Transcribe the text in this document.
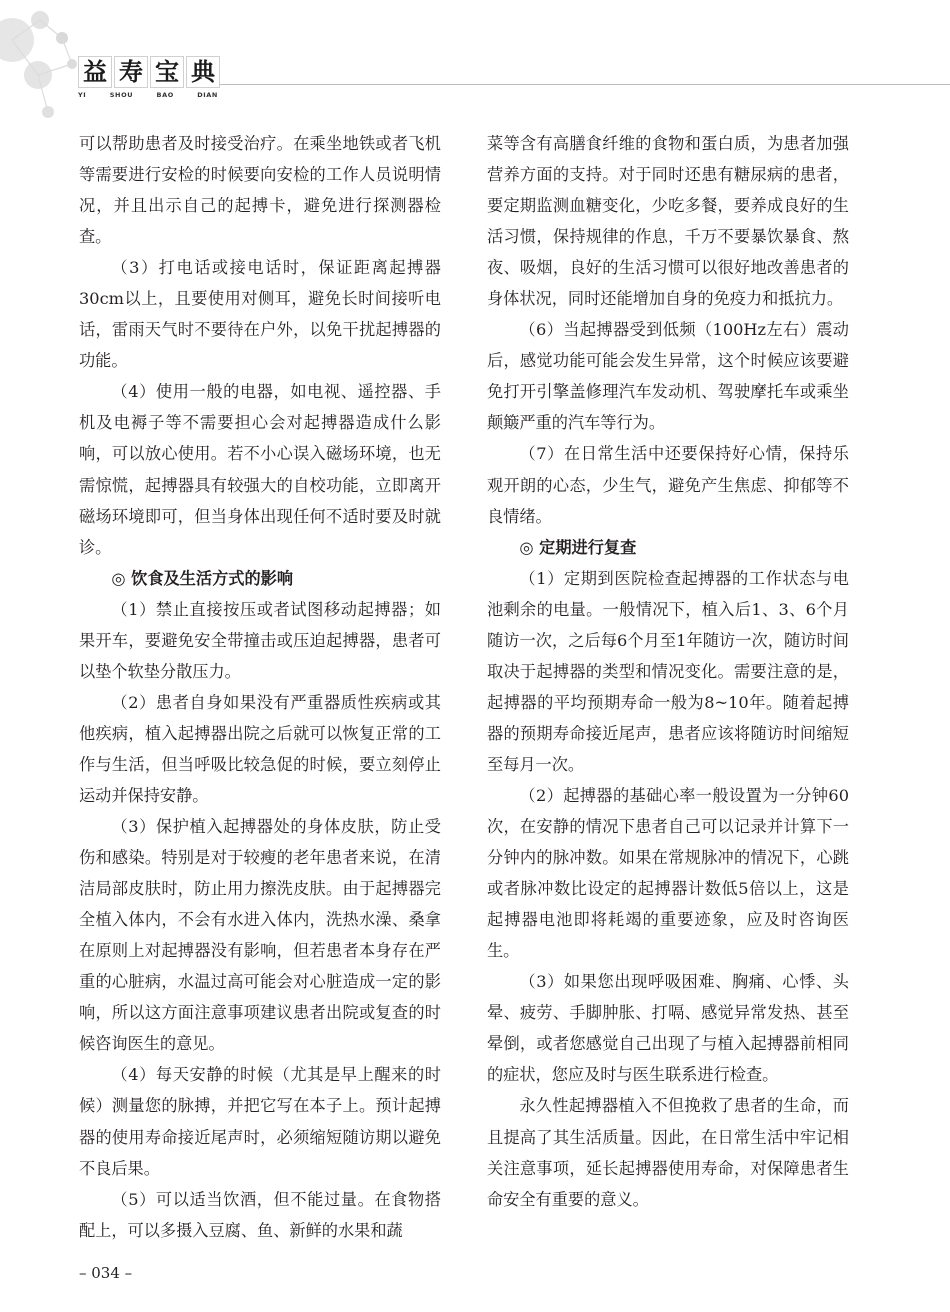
益 寿 宝 典
YI	SHOU	BAO	DIAN

可以帮助患者及时接受治疗。在乘坐地铁或者飞机等需要进行安检的时候要向安检的工作人员说明情况，并且出示自己的起搏卡，避免进行探测器检查。

（3）打电话或接电话时，保证距离起搏器30cm以上，且要使用对侧耳，避免长时间接听电话，雷雨天气时不要待在户外，以免干扰起搏器的功能。

（4）使用一般的电器，如电视、遥控器、手机及电褥子等不需要担心会对起搏器造成什么影响，可以放心使用。若不小心误入磁场环境，也无需惊慌，起搏器具有较强大的自校功能，立即离开磁场环境即可，但当身体出现任何不适时要及时就诊。

◎ 饮食及生活方式的影响

（1）禁止直接按压或者试图移动起搏器；如果开车，要避免安全带撞击或压迫起搏器，患者可以垫个软垫分散压力。

（2）患者自身如果没有严重器质性疾病或其他疾病，植入起搏器出院之后就可以恢复正常的工作与生活，但当呼吸比较急促的时候，要立刻停止运动并保持安静。

（3）保护植入起搏器处的身体皮肤，防止受伤和感染。特别是对于较瘦的老年患者来说，在清洁局部皮肤时，防止用力擦洗皮肤。由于起搏器完全植入体内，不会有水进入体内，洗热水澡、桑拿在原则上对起搏器没有影响，但若患者本身存在严重的心脏病，水温过高可能会对心脏造成一定的影响，所以这方面注意事项建议患者出院或复查的时候咨询医生的意见。

（4）每天安静的时候（尤其是早上醒来的时候）测量您的脉搏，并把它写在本子上。预计起搏器的使用寿命接近尾声时，必须缩短随访期以避免不良后果。

（5）可以适当饮酒，但不能过量。在食物搭配上，可以多摄入豆腐、鱼、新鲜的水果和蔬

菜等含有高膳食纤维的食物和蛋白质，为患者加强营养方面的支持。对于同时还患有糖尿病的患者，要定期监测血糖变化，少吃多餐，要养成良好的生活习惯，保持规律的作息，千万不要暴饮暴食、熬夜、吸烟，良好的生活习惯可以很好地改善患者的身体状况，同时还能增加自身的免疫力和抵抗力。

（6）当起搏器受到低频（100Hz左右）震动后，感觉功能可能会发生异常，这个时候应该要避免打开引擎盖修理汽车发动机、驾驶摩托车或乘坐颠簸严重的汽车等行为。

（7）在日常生活中还要保持好心情，保持乐观开朗的心态，少生气，避免产生焦虑、抑郁等不良情绪。

◎ 定期进行复查

（1）定期到医院检查起搏器的工作状态与电池剩余的电量。一般情况下，植入后1、3、6个月随访一次，之后每6个月至1年随访一次，随访时间取决于起搏器的类型和情况变化。需要注意的是，起搏器的平均预期寿命一般为8~10年。随着起搏器的预期寿命接近尾声，患者应该将随访时间缩短至每月一次。

（2）起搏器的基础心率一般设置为一分钟60次，在安静的情况下患者自己可以记录并计算下一分钟内的脉冲数。如果在常规脉冲的情况下，心跳或者脉冲数比设定的起搏器计数低5倍以上，这是起搏器电池即将耗竭的重要迹象，应及时咨询医生。

（3）如果您出现呼吸困难、胸痛、心悸、头晕、疲劳、手脚肿胀、打嗝、感觉异常发热、甚至晕倒，或者您感觉自己出现了与植入起搏器前相同的症状，您应及时与医生联系进行检查。

永久性起搏器植入不但挽救了患者的生命，而且提高了其生活质量。因此，在日常生活中牢记相关注意事项，延长起搏器使用寿命，对保障患者生命安全有重要的意义。

– 034 –
